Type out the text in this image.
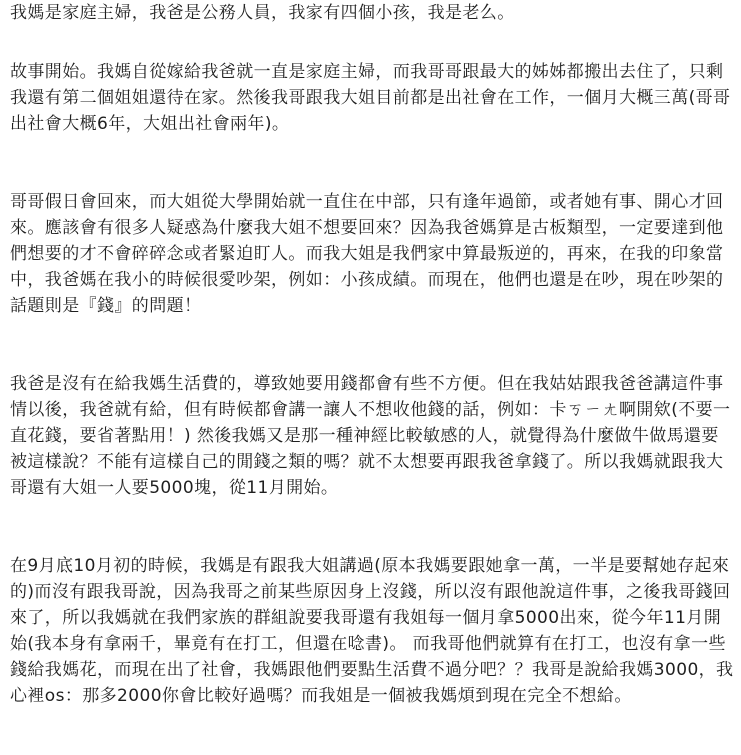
我媽是家庭主婦，我爸是公務人員，我家有四個小孩，我是老么。

故事開始。我媽自從嫁給我爸就一直是家庭主婦，而我哥哥跟最大的姊姊都搬出去住了，只剩我還有第二個姐姐還待在家。然後我哥跟我大姐目前都是出社會在工作，一個月大概三萬(哥哥出社會大概6年，大姐出社會兩年)。

哥哥假日會回來，而大姐從大學開始就一直住在中部，只有逢年過節，或者她有事、開心才回來。應該會有很多人疑惑為什麼我大姐不想要回來？因為我爸媽算是古板類型，一定要達到他們想要的才不會碎碎念或者緊迫盯人。而我大姐是我們家中算最叛逆的，再來，在我的印象當中，我爸媽在我小的時候很愛吵架，例如：小孩成績。而現在，他們也還是在吵，現在吵架的話題則是『錢』的問題！

我爸是沒有在給我媽生活費的，導致她要用錢都會有些不方便。但在我姑姑跟我爸爸講這件事情以後，我爸就有給，但有時候都會講一讓人不想收他錢的話，例如：卡ㄎㄧㄤ啊開欸(不要一直花錢，要省著點用！) 然後我媽又是那一種神經比較敏感的人，就覺得為什麼做牛做馬還要被這樣說？不能有這樣自己的閒錢之類的嗎？就不太想要再跟我爸拿錢了。所以我媽就跟我大哥還有大姐一人要5000塊，從11月開始。

在9月底10月初的時候，我媽是有跟我大姐講過(原本我媽要跟她拿一萬，一半是要幫她存起來的)而沒有跟我哥說，因為我哥之前某些原因身上沒錢，所以沒有跟他說這件事，之後我哥錢回來了，所以我媽就在我們家族的群組說要我哥還有我姐每一個月拿5000出來，從今年11月開始(我本身有拿兩千，畢竟有在打工，但還在唸書)。 而我哥他們就算有在打工，也沒有拿一些錢給我媽花，而現在出了社會，我媽跟他們要點生活費不過分吧？？我哥是說給我媽3000，我心裡os：那多2000你會比較好過嗎？而我姐是一個被我媽煩到現在完全不想給。
